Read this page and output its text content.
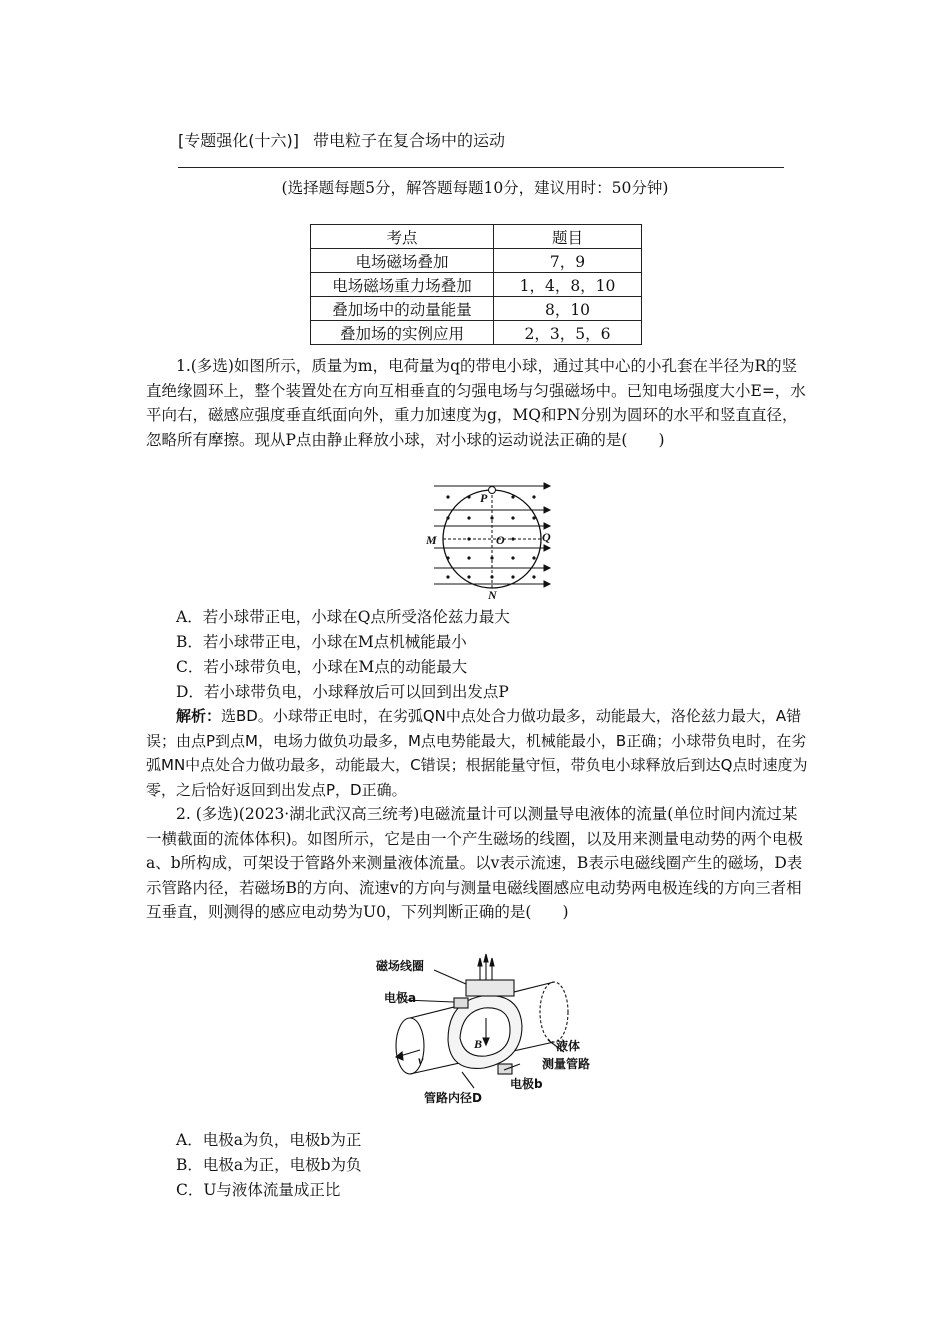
[专题强化(十六)] 带电粒子在复合场中的运动
(选择题每题5分，解答题每题10分，建议用时：50分钟)
考点	题目
电场磁场叠加	7，9
电场磁场重力场叠加	1，4，8，10
叠加场中的动量能量	8，10
叠加场的实例应用	2，3，5，6
1.(多选)如图所示，质量为m，电荷量为q的带电小球，通过其中心的小孔套在半径为R的竖直绝缘圆环上，整个装置处在方向互相垂直的匀强电场与匀强磁场中。已知电场强度大小E=，水平向右，磁感应强度垂直纸面向外，重力加速度为g，MQ和PN分别为圆环的水平和竖直直径，忽略所有摩擦。现从P点由静止释放小球，对小球的运动说法正确的是(　　)
P
M	O	Q
N
A．若小球带正电，小球在Q点所受洛伦兹力最大
B．若小球带正电，小球在M点机械能最小
C．若小球带负电，小球在M点的动能最大
D．若小球带负电，小球释放后可以回到出发点P
解析：选BD。小球带正电时，在劣弧QN中点处合力做功最多，动能最大，洛伦兹力最大，A错误；由点P到点M，电场力做负功最多，M点电势能最大，机械能最小，B正确；小球带负电时，在劣弧MN中点处合力做功最多，动能最大，C错误；根据能量守恒，带负电小球释放后到达Q点时速度为零，之后恰好返回到出发点P，D正确。
2. (多选)(2023·湖北武汉高三统考)电磁流量计可以测量导电液体的流量(单位时间内流过某一横截面的流体体积)。如图所示，它是由一个产生磁场的线圈，以及用来测量电动势的两个电极a、b所构成，可架设于管路外来测量液体流量。以v表示流速，B表示电磁线圈产生的磁场，D表示管路内径，若磁场B的方向、流速v的方向与测量电磁线圈感应电动势两电极连线的方向三者相互垂直，则测得的感应电动势为U0，下列判断正确的是(　　)
磁场线圈
电极a
液体
测量管路
电极b
管路内径D
B
v
A．电极a为负，电极b为正
B．电极a为正，电极b为负
C．U与液体流量成正比
